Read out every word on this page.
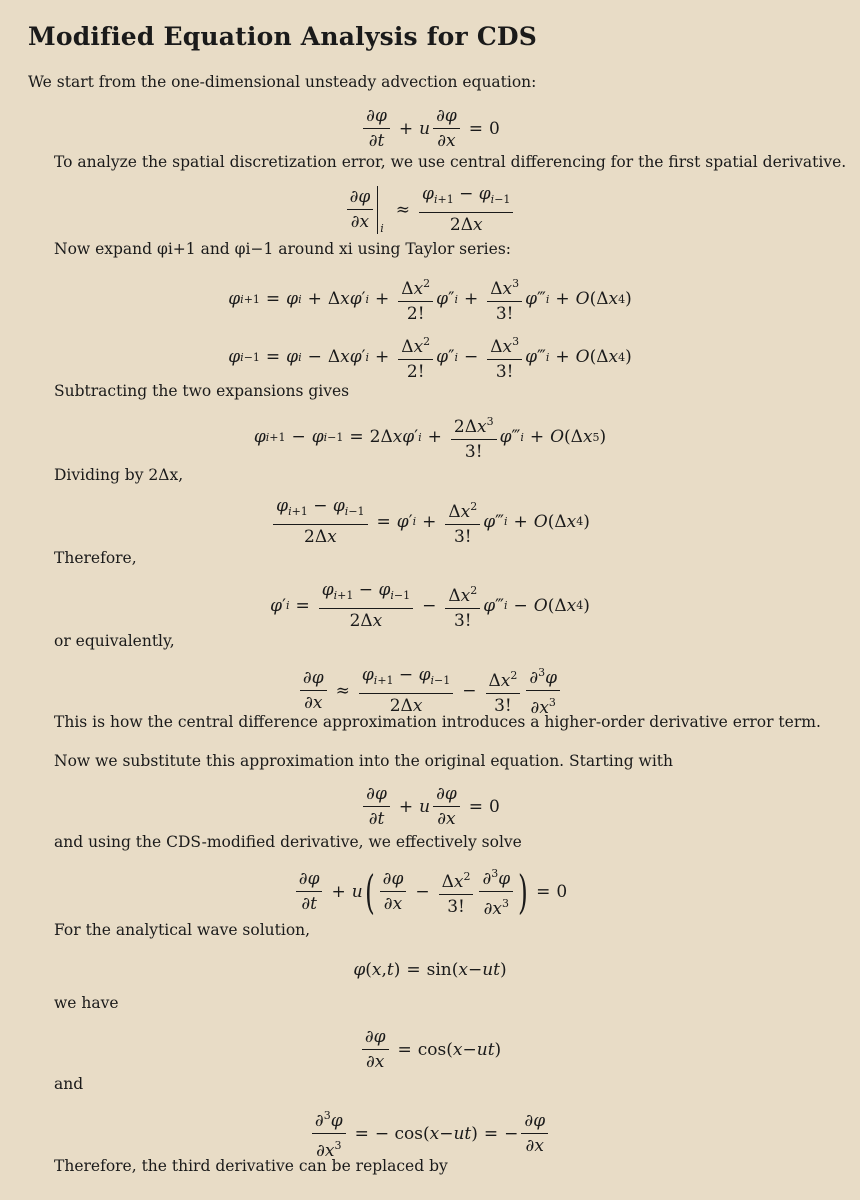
Modified Equation Analysis for CDS
We start from the one-dimensional unsteady advection equation:
$\frac{\partial\varphi}{\partial t} + u \frac{\partial\varphi}{\partial x} = 0$
To analyze the spatial discretization error, we use central differencing for the first spatial derivative.
$\frac{\partial\varphi}{\partial x}$ i
≈ $\frac{\varphi_{i+1} - \varphi_{i-1}}{2\Delta x}$
Now expand φi+1 and φi−1 around xi using Taylor series:
φ i+1 = φ i + Δ xφ ′ $i + \frac{\Delta x^2}{2!}$ φ ″ $i + \frac{\Delta x^3}{3!}$ φ ‴ i + O (Δ x 4 )
φ i−1 = φ i − Δ xφ ′ $i + \frac{\Delta x^2}{2!}$ φ ″ $i - \frac{\Delta x^3}{3!}$ φ ‴ i + O (Δ x 4 )
Subtracting the two expansions gives
φ i+1 − φ i−1 = 2Δ xφ ′ $i + \frac{2\Delta x^3}{3!}$ φ ‴ i + O (Δ x 5 )
Dividing by 2Δx,
$\frac{\varphi_{i+1} - \varphi_{i-1}}{2\Delta x} = \varphi$ ′ $i + \frac{\Delta x^2}{3!}$ φ ‴ i + O (Δ x 4 )
Therefore,
φ ′ $i = \frac{\varphi_{i+1} - \varphi_{i-1}}{2\Delta x} - \frac{\Delta x^2}{3!}$ φ ‴ i − O (Δ x 4 )
or equivalently,
$\frac{\partial\varphi}{\partial x} \approx \frac{\varphi_{i+1} - \varphi_{i-1}}{2\Delta x} - \frac{\Delta x^2}{3!} \frac{\partial^3\varphi}{\partial x^3}$
This is how the central difference approximation introduces a higher-order derivative error term.
Now we substitute this approximation into the original equation. Starting with
$\frac{\partial\varphi}{\partial t} + u \frac{\partial\varphi}{\partial x} = 0$
and using the CDS-modified derivative, we effectively solve
$\frac{\partial\varphi}{\partial t} + u$ ( $\frac{\partial\varphi}{\partial x} - \frac{\Delta x^2}{3!} \frac{\partial^3\varphi}{\partial x^3}$ ) = 0
For the analytical wave solution,
φ ( x , t ) = sin( x − ut )
we have
$\frac{\partial\varphi}{\partial x} = \cos$( x − ut )
and
$\frac{\partial^3\varphi}{\partial x^3}$ = − cos( x − ut ) = − $\frac{\partial\varphi}{\partial x}$
Therefore, the third derivative can be replaced by
